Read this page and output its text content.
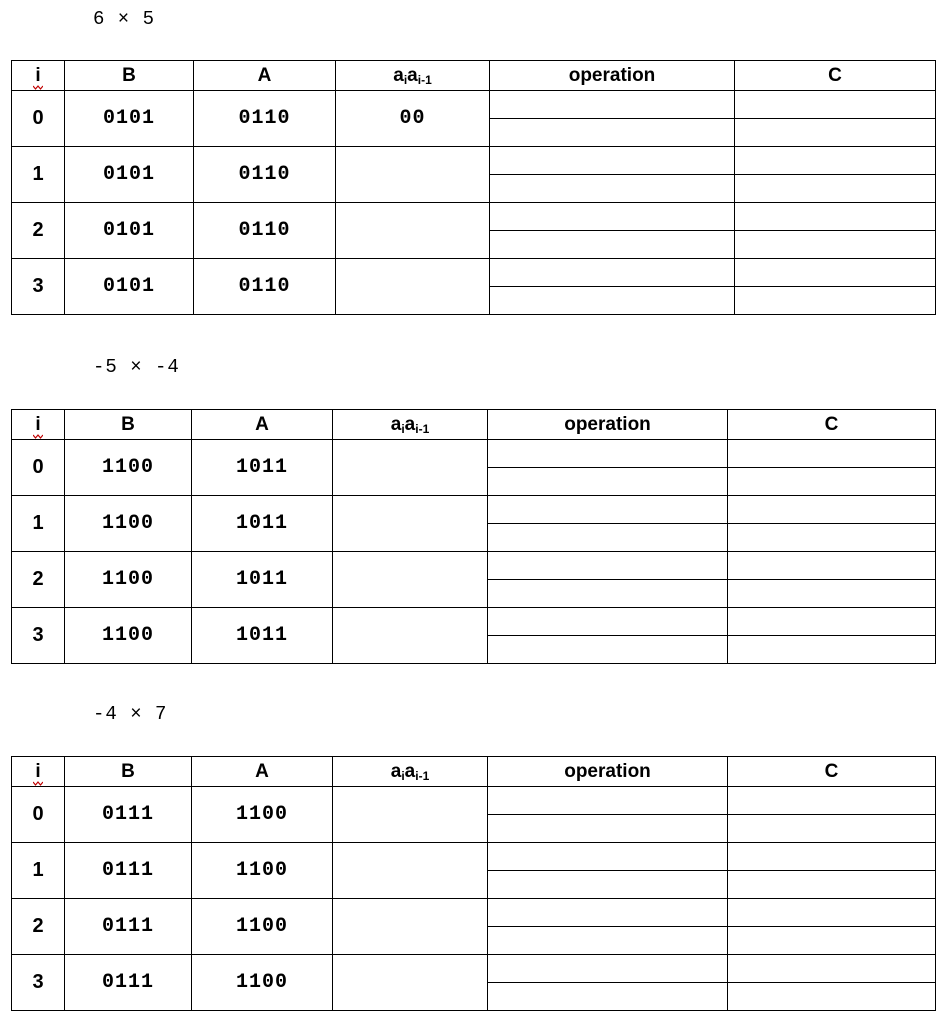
6 × 5
i	B	A	aiai-1	operation	C
0	0101	0110	00		

1	0101	0110			

2	0101	0110			

3	0101	0110			

-5 × -4
i	B	A	aiai-1	operation	C
0	1100	1011			

1	1100	1011			

2	1100	1011			

3	1100	1011			

-4 × 7
i	B	A	aiai-1	operation	C
0	0111	1100			

1	0111	1100			

2	0111	1100			

3	0111	1100			
